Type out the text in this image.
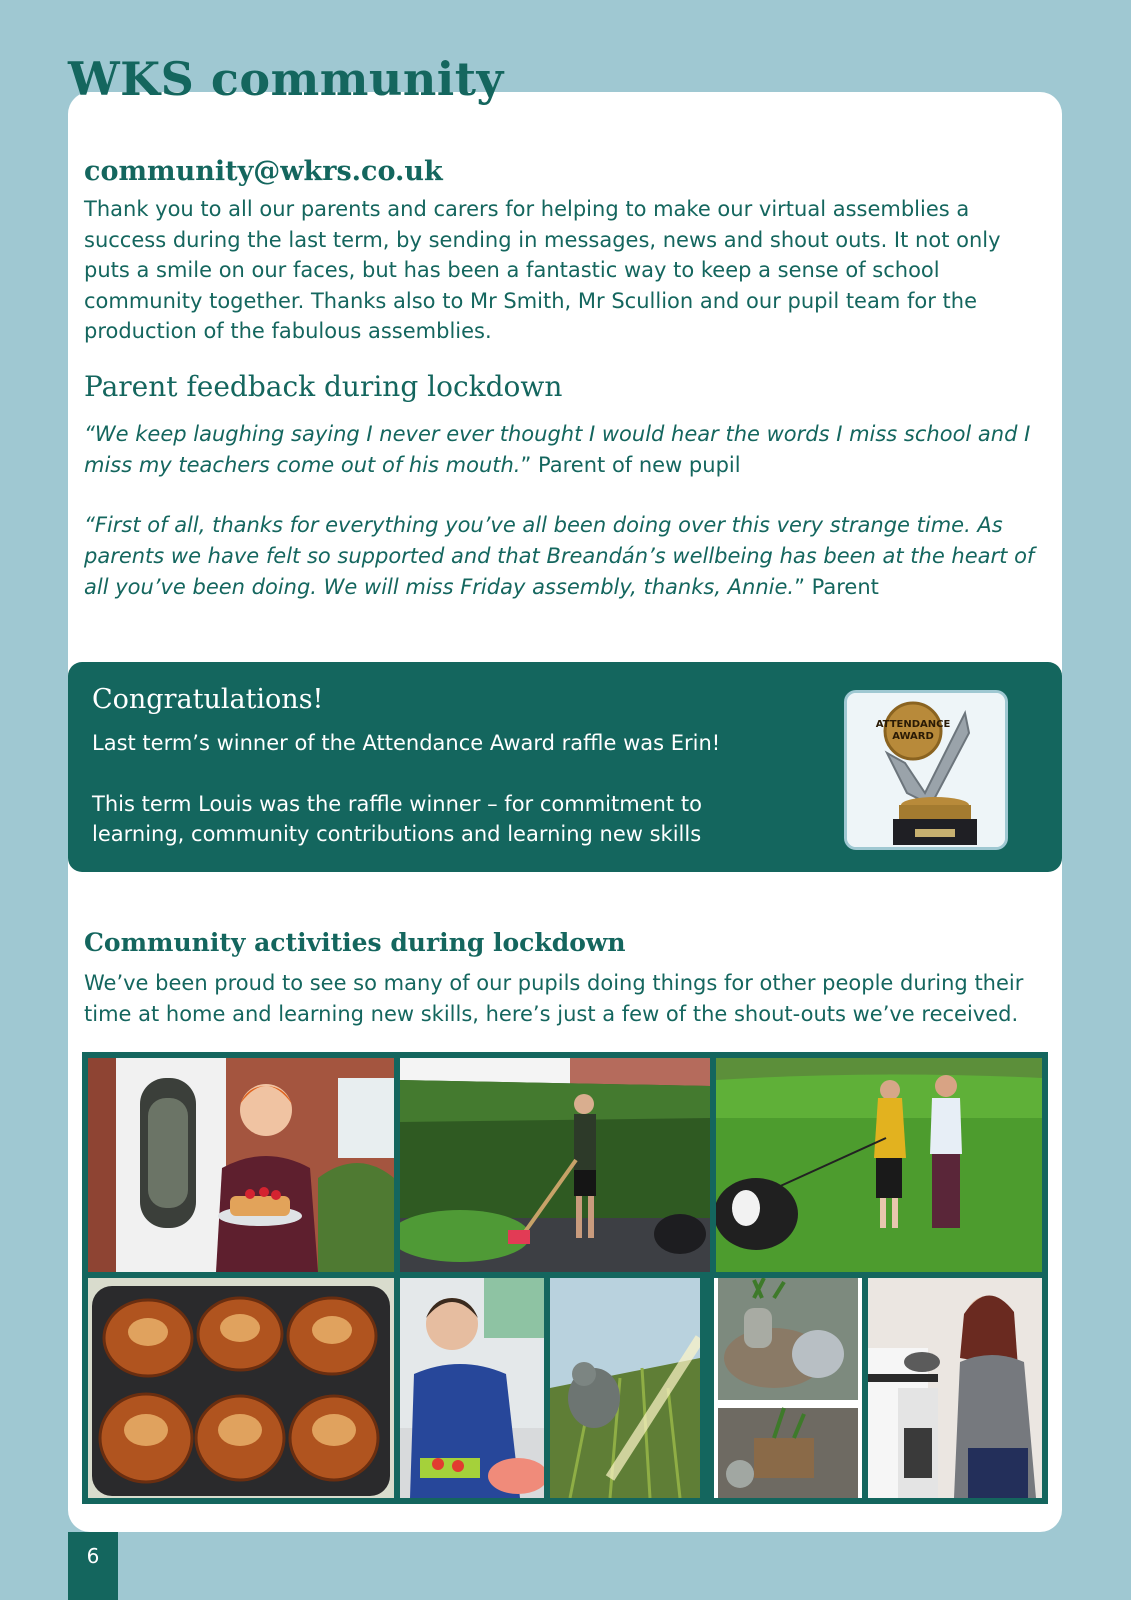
WKS community
community@wkrs.co.uk
Thank you to all our parents and carers for helping to make our virtual assemblies a success during the last term, by sending in messages, news and shout outs. It not only puts a smile on our faces, but has been a fantastic way to keep a sense of school community together. Thanks also to Mr Smith, Mr Scullion and our pupil team for the production of the fabulous assemblies.
Parent feedback during lockdown
“We keep laughing saying I never ever thought I would hear the words I miss school and I miss my teachers come out of his mouth.” Parent of new pupil
“First of all, thanks for everything you’ve all been doing over this very strange time. As parents we have felt so supported and that Breandán’s wellbeing has been at the heart of all you’ve been doing. We will miss Friday assembly, thanks, Annie.” Parent
Congratulations!

Last term’s winner of the Attendance Award raffle was Erin!

This term Louis was the raffle winner – for commitment to learning, community contributions and learning new skills

ATTENDANCE
AWARD
Community activities during lockdown
We’ve been proud to see so many of our pupils doing things for other people during their time at home and learning new skills, here’s just a few of the shout-outs we’ve received.
6
